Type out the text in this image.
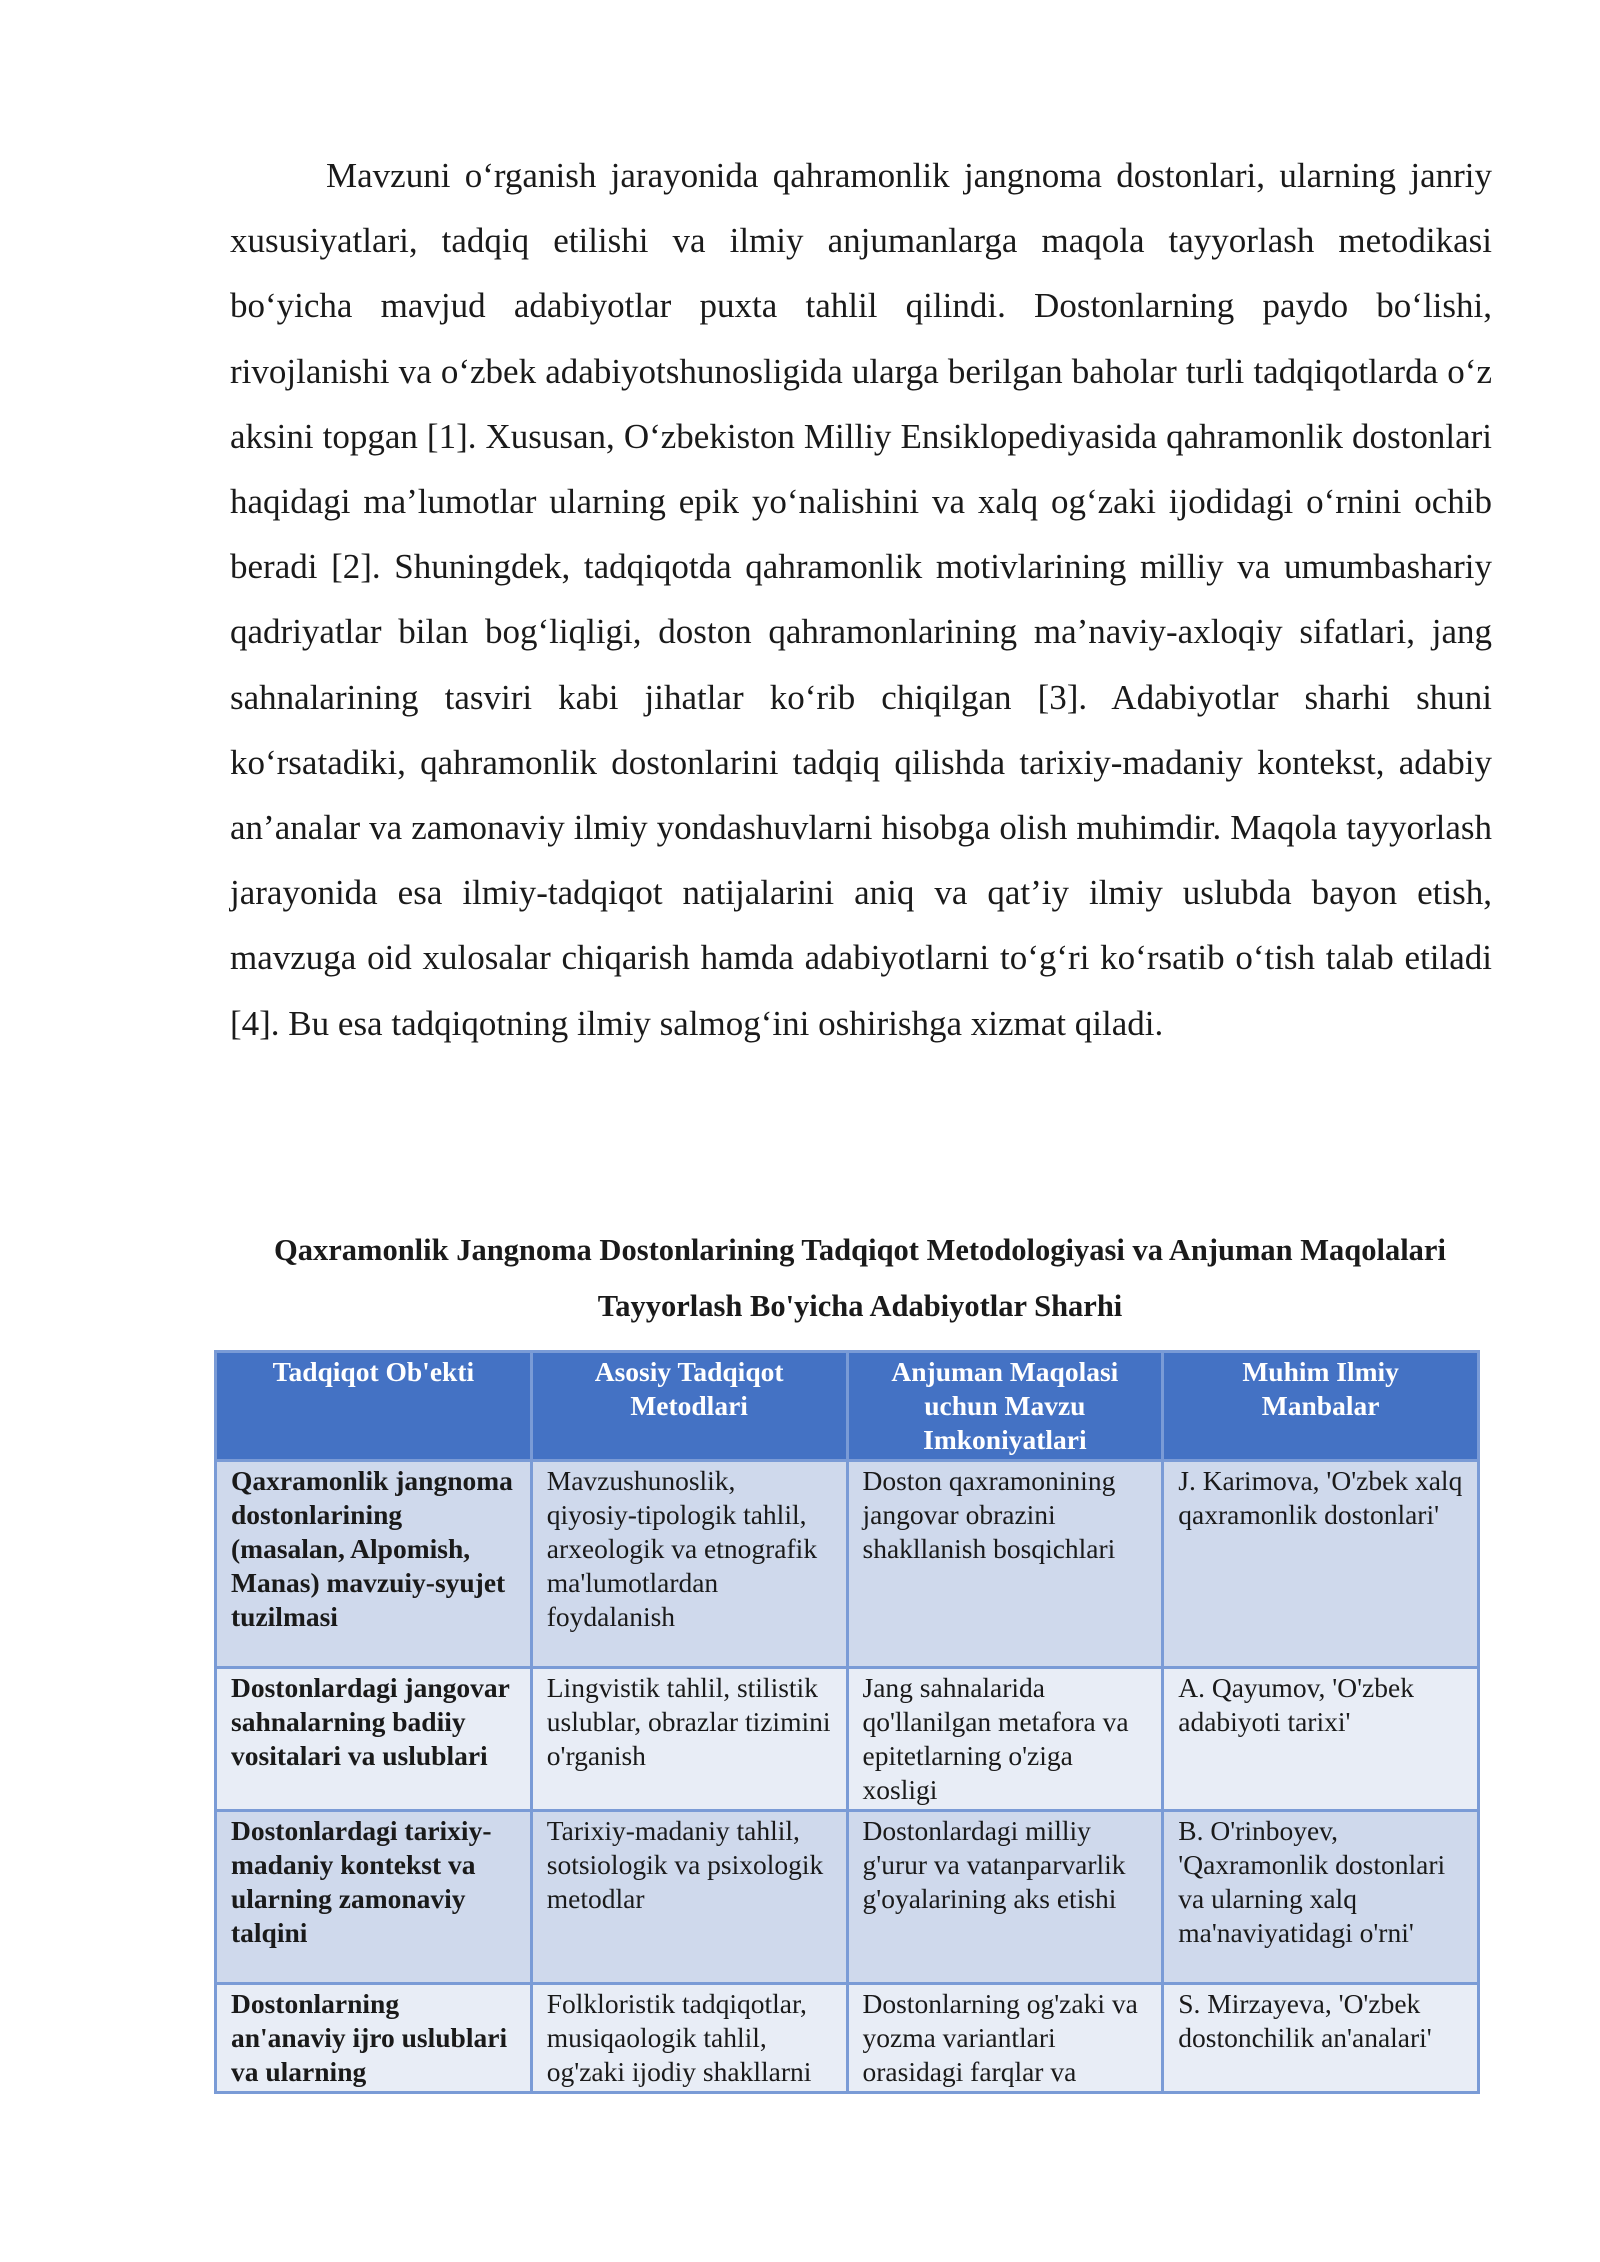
Mavzuni o‘rganish jarayonida qahramonlik jangnoma dostonlari, ularning janriy xususiyatlari, tadqiq etilishi va ilmiy anjumanlarga maqola tayyorlash metodikasi bo‘yicha mavjud adabiyotlar puxta tahlil qilindi. Dostonlarning paydo bo‘lishi, rivojlanishi va o‘zbek adabiyotshunosligida ularga berilgan baholar turli tadqiqotlarda o‘z aksini topgan [1]. Xususan, O‘zbekiston Milliy Ensiklopediyasida qahramonlik dostonlari haqidagi ma’lumotlar ularning epik yo‘nalishini va xalq og‘zaki ijodidagi o‘rnini ochib beradi [2]. Shuningdek, tadqiqotda qahramonlik motivlarining milliy va umumbashariy qadriyatlar bilan bog‘liqligi, doston qahramonlarining ma’naviy-axloqiy sifatlari, jang sahnalarining tasviri kabi jihatlar ko‘rib chiqilgan [3]. Adabiyotlar sharhi shuni ko‘rsatadiki, qahramonlik dostonlarini tadqiq qilishda tarixiy-madaniy kontekst, adabiy an’analar va zamonaviy ilmiy yondashuvlarni hisobga olish muhimdir. Maqola tayyorlash jarayonida esa ilmiy-tadqiqot natijalarini aniq va qat’iy ilmiy uslubda bayon etish, mavzuga oid xulosalar chiqarish hamda adabiyotlarni to‘g‘ri ko‘rsatib o‘tish talab etiladi [4]. Bu esa tadqiqotning ilmiy salmog‘ini oshirishga xizmat qiladi.

Qaxramonlik Jangnoma Dostonlarining Tadqiqot Metodologiyasi va Anjuman Maqolalari Tayyorlash Bo'yicha Adabiyotlar Sharhi
Tadqiqot Ob'ekti	Asosiy Tadqiqot Metodlari	Anjuman Maqolasi uchun Mavzu Imkoniyatlari	Muhim Ilmiy Manbalar
Qaxramonlik jangnoma dostonlarining (masalan, Alpomish, Manas) mavzuiy-syujet tuzilmasi	Mavzushunoslik, qiyosiy-tipologik tahlil, arxeologik va etnografik ma'lumotlardan foydalanish	Doston qaxramonining jangovar obrazini shakllanish bosqichlari	J. Karimova, 'O'zbek xalq qaxramonlik dostonlari'
Dostonlardagi jangovar sahnalarning badiiy vositalari va uslublari	Lingvistik tahlil, stilistik uslublar, obrazlar tizimini o'rganish	Jang sahnalarida qo'llanilgan metafora va epitetlarning o'ziga xosligi	A. Qayumov, 'O'zbek adabiyoti tarixi'
Dostonlardagi tarixiy-madaniy kontekst va ularning zamonaviy talqini	Tarixiy-madaniy tahlil, sotsiologik va psixologik metodlar	Dostonlardagi milliy g'urur va vatanparvarlik g'oyalarining aks etishi	B. O'rinboyev, 'Qaxramonlik dostonlari va ularning xalq ma'naviyatidagi o'rni'
Dostonlarning an'anaviy ijro uslublari va ularning	Folkloristik tadqiqotlar, musiqaologik tahlil, og'zaki ijodiy shakllarni	Dostonlarning og'zaki va yozma variantlari orasidagi farqlar va	S. Mirzayeva, 'O'zbek dostonchilik an'analari'
